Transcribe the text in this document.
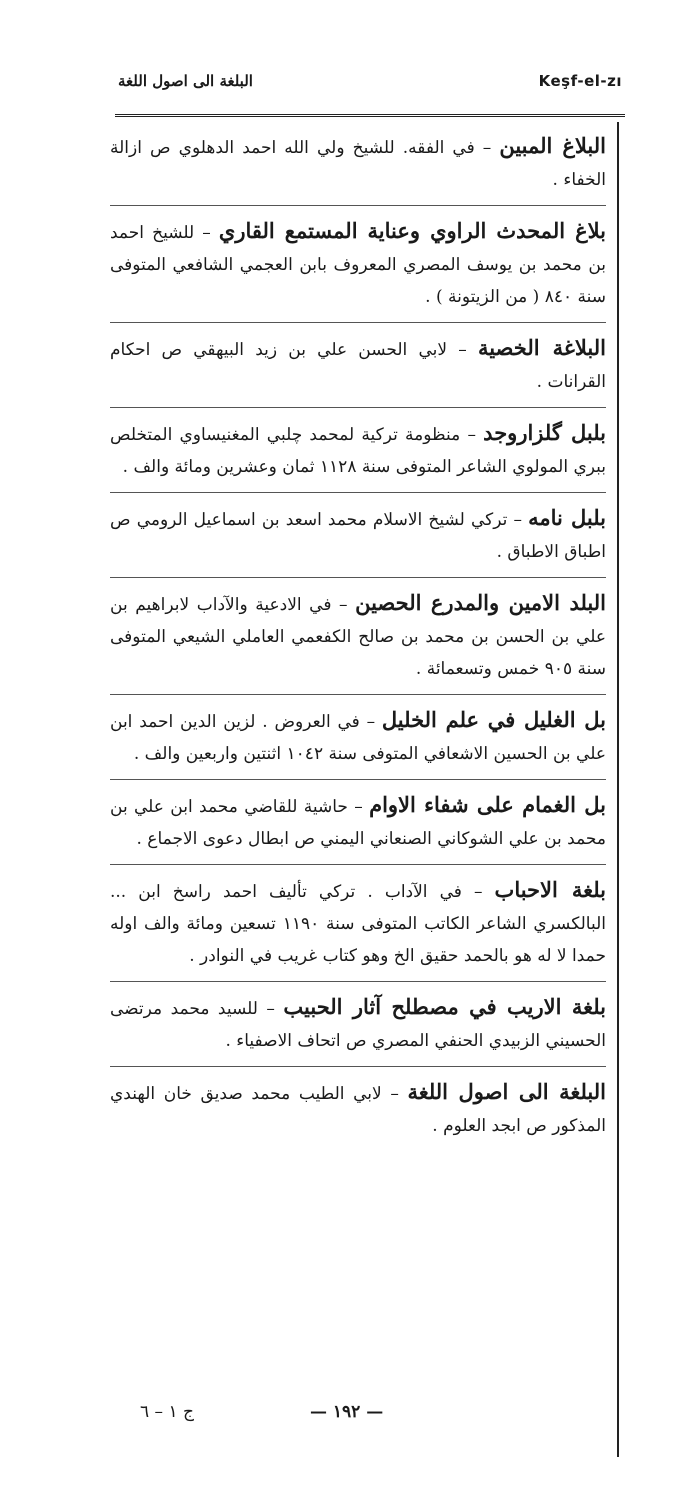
البلغة الى اصول اللغة	Keşf-el-zı

البلاغ المبين – في الفقه. للشيخ ولي الله احمد الدهلوي ص ازالة الخفاء .

بلاغ المحدث الراوي وعناية المستمع القاري – للشيخ احمد بن محمد بن يوسف المصري المعروف بابن العجمي الشافعي المتوفى سنة ٨٤٠ ( من الزيتونة ) .

البلاغة الخصية – لابي الحسن علي بن زيد البيهقي ص احكام القرانات .

بلبل گلزاروجد – منظومة تركية لمحمد چلبي المغنيساوي المتخلص ببري المولوي الشاعر المتوفى سنة ١١٢٨ ثمان وعشرين ومائة والف .

بلبل نامه – تركي لشيخ الاسلام محمد اسعد بن اسماعيل الرومي ص اطباق الاطباق .

البلد الامين والمدرع الحصين – في الادعية والآداب لابراهيم بن علي بن الحسن بن محمد بن صالح الكفعمي العاملي الشيعي المتوفى سنة ٩٠٥ خمس وتسعمائة .

بل الغليل في علم الخليل – في العروض . لزين الدين احمد ابن علي بن الحسين الاشعافي المتوفى سنة ١٠٤٢ اثنتين واربعين والف .

بل الغمام على شفاء الاوام – حاشية للقاضي محمد ابن علي بن محمد بن علي الشوكاني الصنعاني اليمني ص ابطال دعوى الاجماع .

بلغة الاحباب – في الآداب . تركي تأليف احمد راسخ ابن ... البالكسري الشاعر الكاتب المتوفى سنة ١١٩٠ تسعين ومائة والف اوله حمدا لا له هو بالحمد حقيق الخ وهو كتاب غريب في النوادر .

بلغة الاريب في مصطلح آثار الحبيب – للسيد محمد مرتضى الحسيني الزبيدي الحنفي المصري ص اتحاف الاصفياء .

البلغة الى اصول اللغة – لابي الطيب محمد صديق خان الهندي المذكور ص ابجد العلوم .

— ١٩٢ —
ج ١ – ٦
